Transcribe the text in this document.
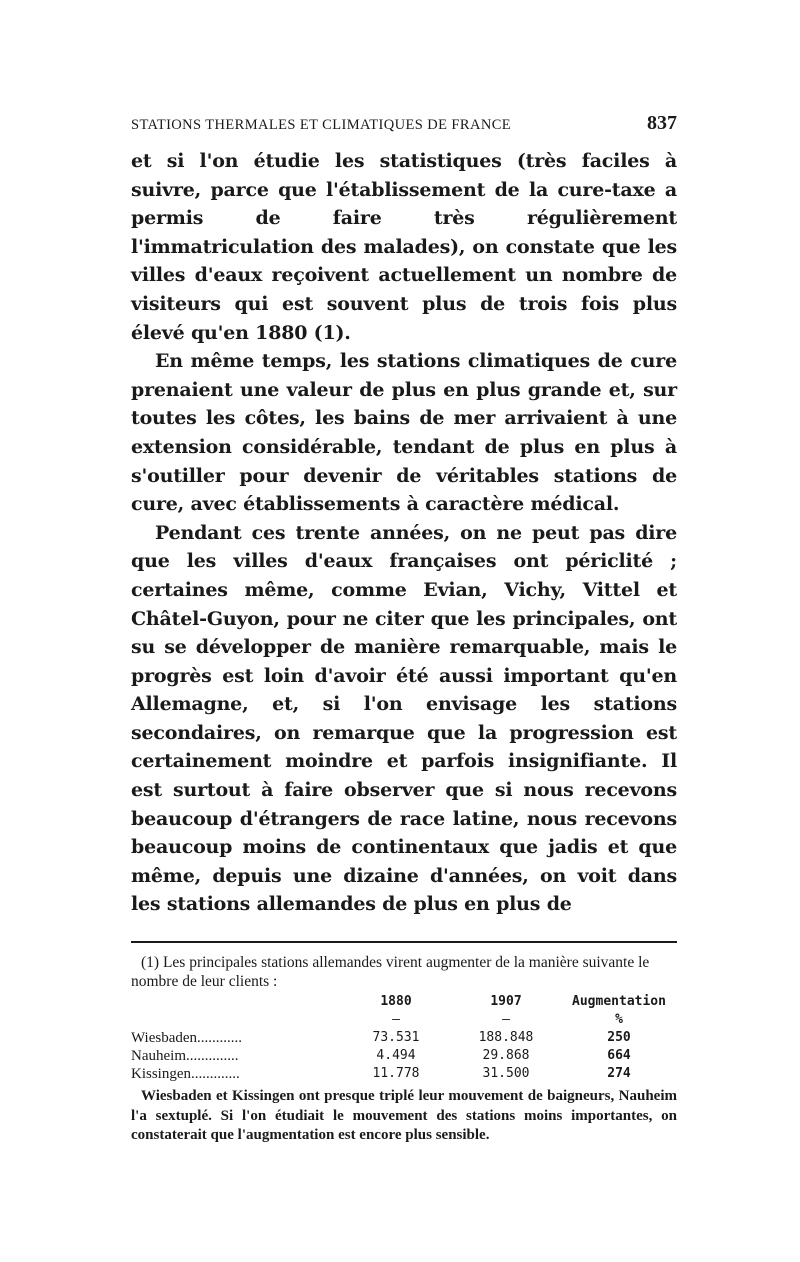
STATIONS THERMALES ET CLIMATIQUES DE FRANCE	837

et si l'on étudie les statistiques (très faciles à suivre, parce que l'établissement de la cure-taxe a permis de faire très régulièrement l'immatriculation des malades), on constate que les villes d'eaux reçoivent actuellement un nombre de visiteurs qui est souvent plus de trois fois plus élevé qu'en 1880 (1).

En même temps, les stations climatiques de cure prenaient une valeur de plus en plus grande et, sur toutes les côtes, les bains de mer arrivaient à une extension considérable, tendant de plus en plus à s'outiller pour devenir de véritables stations de cure, avec établissements à caractère médical.

Pendant ces trente années, on ne peut pas dire que les villes d'eaux françaises ont périclité ; certaines même, comme Evian, Vichy, Vittel et Châtel-Guyon, pour ne citer que les principales, ont su se développer de manière remarquable, mais le progrès est loin d'avoir été aussi important qu'en Allemagne, et, si l'on envisage les stations secondaires, on remarque que la progression est certainement moindre et parfois insignifiante. Il est surtout à faire observer que si nous recevons beaucoup d'étrangers de race latine, nous recevons beaucoup moins de continentaux que jadis et que même, depuis une dizaine d'années, on voit dans les stations allemandes de plus en plus de

(1) Les principales stations allemandes virent augmenter de la manière suivante le nombre de leur clients :
	1880	1907	Augmentation
	—	—	%
Wiesbaden............	73.531	188.848	250
Nauheim..............	4.494	29.868	664
Kissingen.............	11.778	31.500	274
Wiesbaden et Kissingen ont presque triplé leur mouvement de baigneurs, Nauheim l'a sextuplé. Si l'on étudiait le mouvement des stations moins importantes, on constaterait que l'augmentation est encore plus sensible.
